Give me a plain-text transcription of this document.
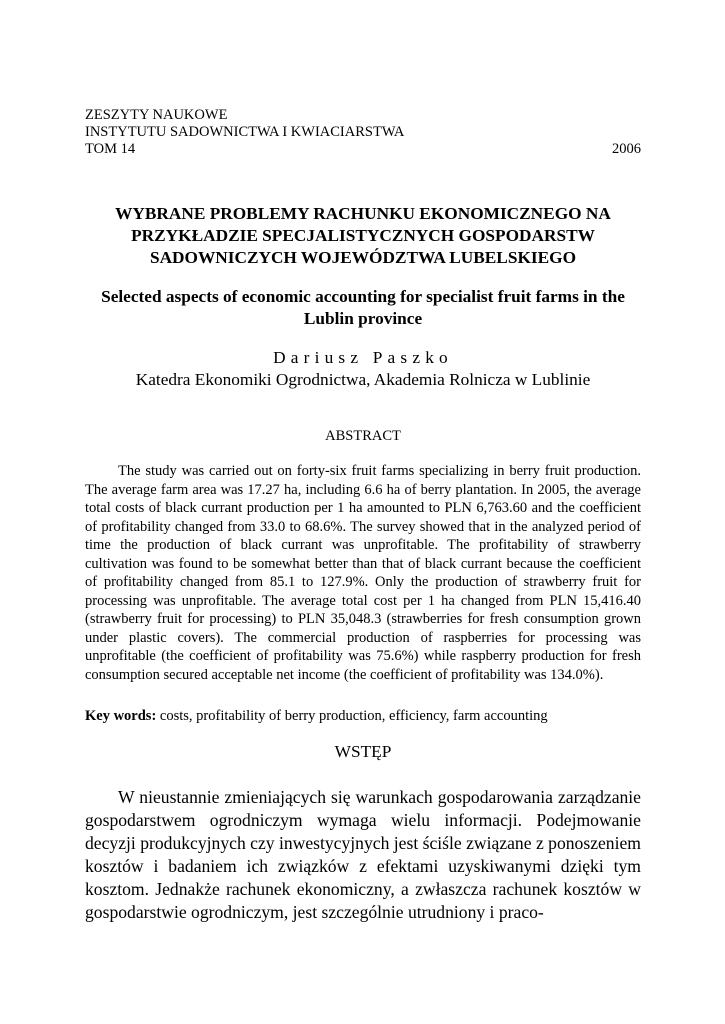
ZESZYTY NAUKOWE
INSTYTUTU SADOWNICTWA I KWIACIARSTWA
TOM 14	2006
WYBRANE PROBLEMY RACHUNKU EKONOMICZNEGO NA
PRZYKŁADZIE SPECJALISTYCZNYCH GOSPODARSTW
SADOWNICZYCH WOJEWÓDZTWA LUBELSKIEGO
Selected aspects of economic accounting for specialist fruit farms in the
Lublin province
Dariusz Paszko
Katedra Ekonomiki Ogrodnictwa, Akademia Rolnicza w Lublinie
ABSTRACT

The study was carried out on forty-six fruit farms specializing in berry fruit production. The average farm area was 17.27 ha, including 6.6 ha of berry plantation. In 2005, the average total costs of black currant production per 1 ha amounted to PLN 6,763.60 and the coefficient of profitability changed from 33.0 to 68.6%. The survey showed that in the analyzed period of time the production of black currant was unprofitable. The profitability of strawberry cultivation was found to be somewhat better than that of black currant because the coefficient of profitability changed from 85.1 to 127.9%. Only the production of strawberry fruit for processing was unprofitable. The average total cost per 1 ha changed from PLN 15,416.40 (strawberry fruit for processing) to PLN 35,048.3 (strawberries for fresh consumption grown under plastic covers). The commercial production of raspberries for processing was unprofitable (the coefficient of profitability was 75.6%) while raspberry production for fresh consumption secured acceptable net income (the coefficient of profitability was 134.0%).

Key words: costs, profitability of berry production, efficiency, farm accounting
WSTĘP

W nieustannie zmieniających się warunkach gospodarowania zarządzanie gospodarstwem ogrodniczym wymaga wielu informacji. Podejmowanie decyzji produkcyjnych czy inwestycyjnych jest ściśle związane z ponoszeniem kosztów i badaniem ich związków z efektami uzyskiwanymi dzięki tym kosztom. Jednakże rachunek ekonomiczny, a zwłaszcza rachunek kosztów w gospodarstwie ogrodniczym, jest szczególnie utrudniony i praco-
